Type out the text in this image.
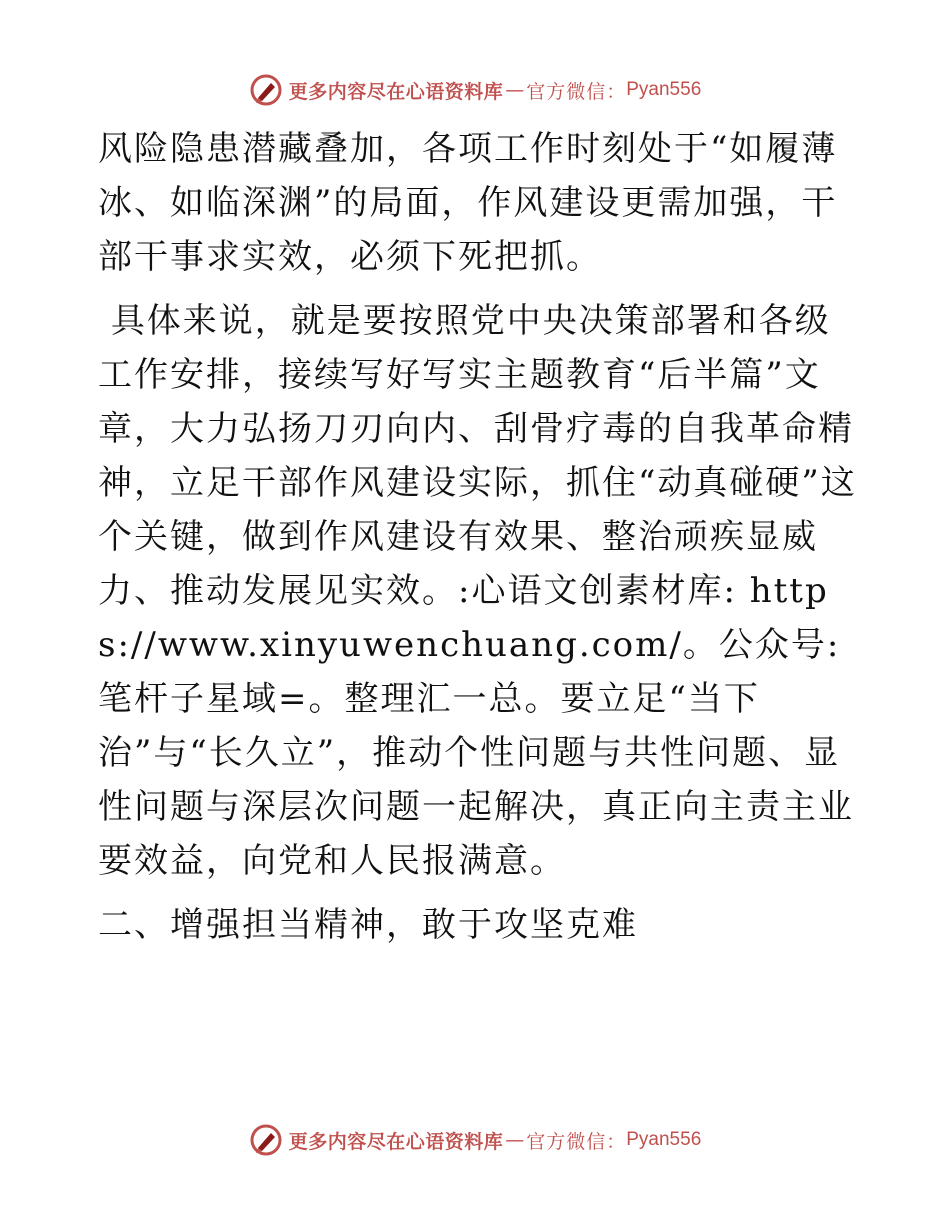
更多内容尽在心语资料库 — 官方微信： Pyan556

风险隐患潜藏叠加，各项工作时刻处于“如履薄冰、如临深渊”的局面，作风建设更需加强，干部干事求实效，必须下死把抓。

具体来说，就是要按照党中央决策部署和各级工作安排，接续写好写实主题教育“后半篇”文章，大力弘扬刀刃向内、刮骨疗毒的自我革命精神，立足干部作风建设实际，抓住“动真碰硬”这个关键，做到作风建设有效果、整治顽疾显威力、推动发展见实效。:心语文创素材库: https://www.xinyuwenchuang.com/。公众号: 笔杆子星域=。整理汇一总。要立足“当下治”与“长久立”，推动个性问题与共性问题、显性问题与深层次问题一起解决，真正向主责主业要效益，向党和人民报满意。

二、增强担当精神，敢于攻坚克难

更多内容尽在心语资料库 — 官方微信： Pyan556
